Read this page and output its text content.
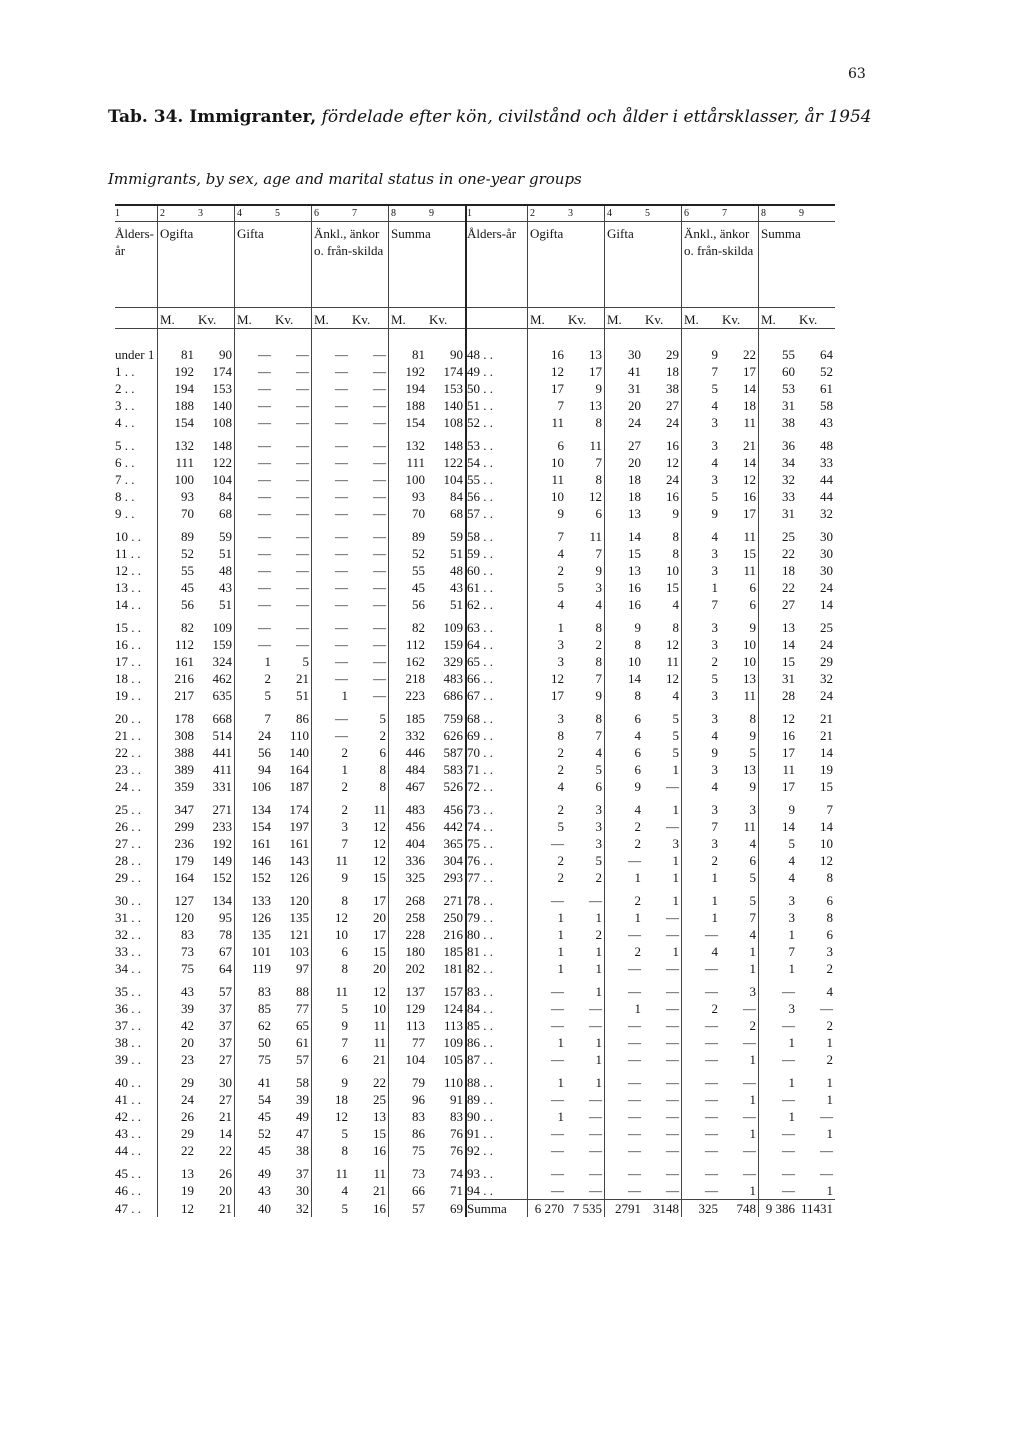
63
Tab. 34. Immigranter, fördelade efter kön, civilstånd och ålder i ettårsklasser, år 1954
Immigrants, by sex, age and marital status in one-year groups
1	2	3	4	5	6	7	8	9	1	2	3	4	5	6	7	8	9
Ålders-år	Ogifta		Gifta		Änkl., änkor o. från-skilda		Summa		Ålders-år	Ogifta		Gifta		Änkl., änkor o. från-skilda		Summa	
	M.	Kv.	M.	Kv.	M.	Kv.	M.	Kv.		M.	Kv.	M.	Kv.	M.	Kv.	M.	Kv.

under 1	81	90	—	—	—	—	81	90	48 . .	16	13	30	29	9	22	55	64
1 . .	192	174	—	—	—	—	192	174	49 . .	12	17	41	18	7	17	60	52
2 . .	194	153	—	—	—	—	194	153	50 . .	17	9	31	38	5	14	53	61
3 . .	188	140	—	—	—	—	188	140	51 . .	7	13	20	27	4	18	31	58
4 . .	154	108	—	—	—	—	154	108	52 . .	11	8	24	24	3	11	38	43
5 . .	132	148	—	—	—	—	132	148	53 . .	6	11	27	16	3	21	36	48
6 . .	111	122	—	—	—	—	111	122	54 . .	10	7	20	12	4	14	34	33
7 . .	100	104	—	—	—	—	100	104	55 . .	11	8	18	24	3	12	32	44
8 . .	93	84	—	—	—	—	93	84	56 . .	10	12	18	16	5	16	33	44
9 . .	70	68	—	—	—	—	70	68	57 . .	9	6	13	9	9	17	31	32
10 . .	89	59	—	—	—	—	89	59	58 . .	7	11	14	8	4	11	25	30
11 . .	52	51	—	—	—	—	52	51	59 . .	4	7	15	8	3	15	22	30
12 . .	55	48	—	—	—	—	55	48	60 . .	2	9	13	10	3	11	18	30
13 . .	45	43	—	—	—	—	45	43	61 . .	5	3	16	15	1	6	22	24
14 . .	56	51	—	—	—	—	56	51	62 . .	4	4	16	4	7	6	27	14
15 . .	82	109	—	—	—	—	82	109	63 . .	1	8	9	8	3	9	13	25
16 . .	112	159	—	—	—	—	112	159	64 . .	3	2	8	12	3	10	14	24
17 . .	161	324	1	5	—	—	162	329	65 . .	3	8	10	11	2	10	15	29
18 . .	216	462	2	21	—	—	218	483	66 . .	12	7	14	12	5	13	31	32
19 . .	217	635	5	51	1	—	223	686	67 . .	17	9	8	4	3	11	28	24
20 . .	178	668	7	86	—	5	185	759	68 . .	3	8	6	5	3	8	12	21
21 . .	308	514	24	110	—	2	332	626	69 . .	8	7	4	5	4	9	16	21
22 . .	388	441	56	140	2	6	446	587	70 . .	2	4	6	5	9	5	17	14
23 . .	389	411	94	164	1	8	484	583	71 . .	2	5	6	1	3	13	11	19
24 . .	359	331	106	187	2	8	467	526	72 . .	4	6	9	—	4	9	17	15
25 . .	347	271	134	174	2	11	483	456	73 . .	2	3	4	1	3	3	9	7
26 . .	299	233	154	197	3	12	456	442	74 . .	5	3	2	—	7	11	14	14
27 . .	236	192	161	161	7	12	404	365	75 . .	—	3	2	3	3	4	5	10
28 . .	179	149	146	143	11	12	336	304	76 . .	2	5	—	1	2	6	4	12
29 . .	164	152	152	126	9	15	325	293	77 . .	2	2	1	1	1	5	4	8
30 . .	127	134	133	120	8	17	268	271	78 . .	—	—	2	1	1	5	3	6
31 . .	120	95	126	135	12	20	258	250	79 . .	1	1	1	—	1	7	3	8
32 . .	83	78	135	121	10	17	228	216	80 . .	1	2	—	—	—	4	1	6
33 . .	73	67	101	103	6	15	180	185	81 . .	1	1	2	1	4	1	7	3
34 . .	75	64	119	97	8	20	202	181	82 . .	1	1	—	—	—	1	1	2
35 . .	43	57	83	88	11	12	137	157	83 . .	—	1	—	—	—	3	—	4
36 . .	39	37	85	77	5	10	129	124	84 . .	—	—	1	—	2	—	3	—
37 . .	42	37	62	65	9	11	113	113	85 . .	—	—	—	—	—	2	—	2
38 . .	20	37	50	61	7	11	77	109	86 . .	1	1	—	—	—	—	1	1
39 . .	23	27	75	57	6	21	104	105	87 . .	—	1	—	—	—	1	—	2
40 . .	29	30	41	58	9	22	79	110	88 . .	1	1	—	—	—	—	1	1
41 . .	24	27	54	39	18	25	96	91	89 . .	—	—	—	—	—	1	—	1
42 . .	26	21	45	49	12	13	83	83	90 . .	1	—	—	—	—	—	1	—
43 . .	29	14	52	47	5	15	86	76	91 . .	—	—	—	—	—	1	—	1
44 . .	22	22	45	38	8	16	75	76	92 . .	—	—	—	—	—	—	—	—
45 . .	13	26	49	37	11	11	73	74	93 . .	—	—	—	—	—	—	—	—
46 . .	19	20	43	30	4	21	66	71	94 . .	—	—	—	—	—	1	—	1
47 . .	12	21	40	32	5	16	57	69	Summa	6 270	7 535	2791	3148	325	748	9 386	11431
